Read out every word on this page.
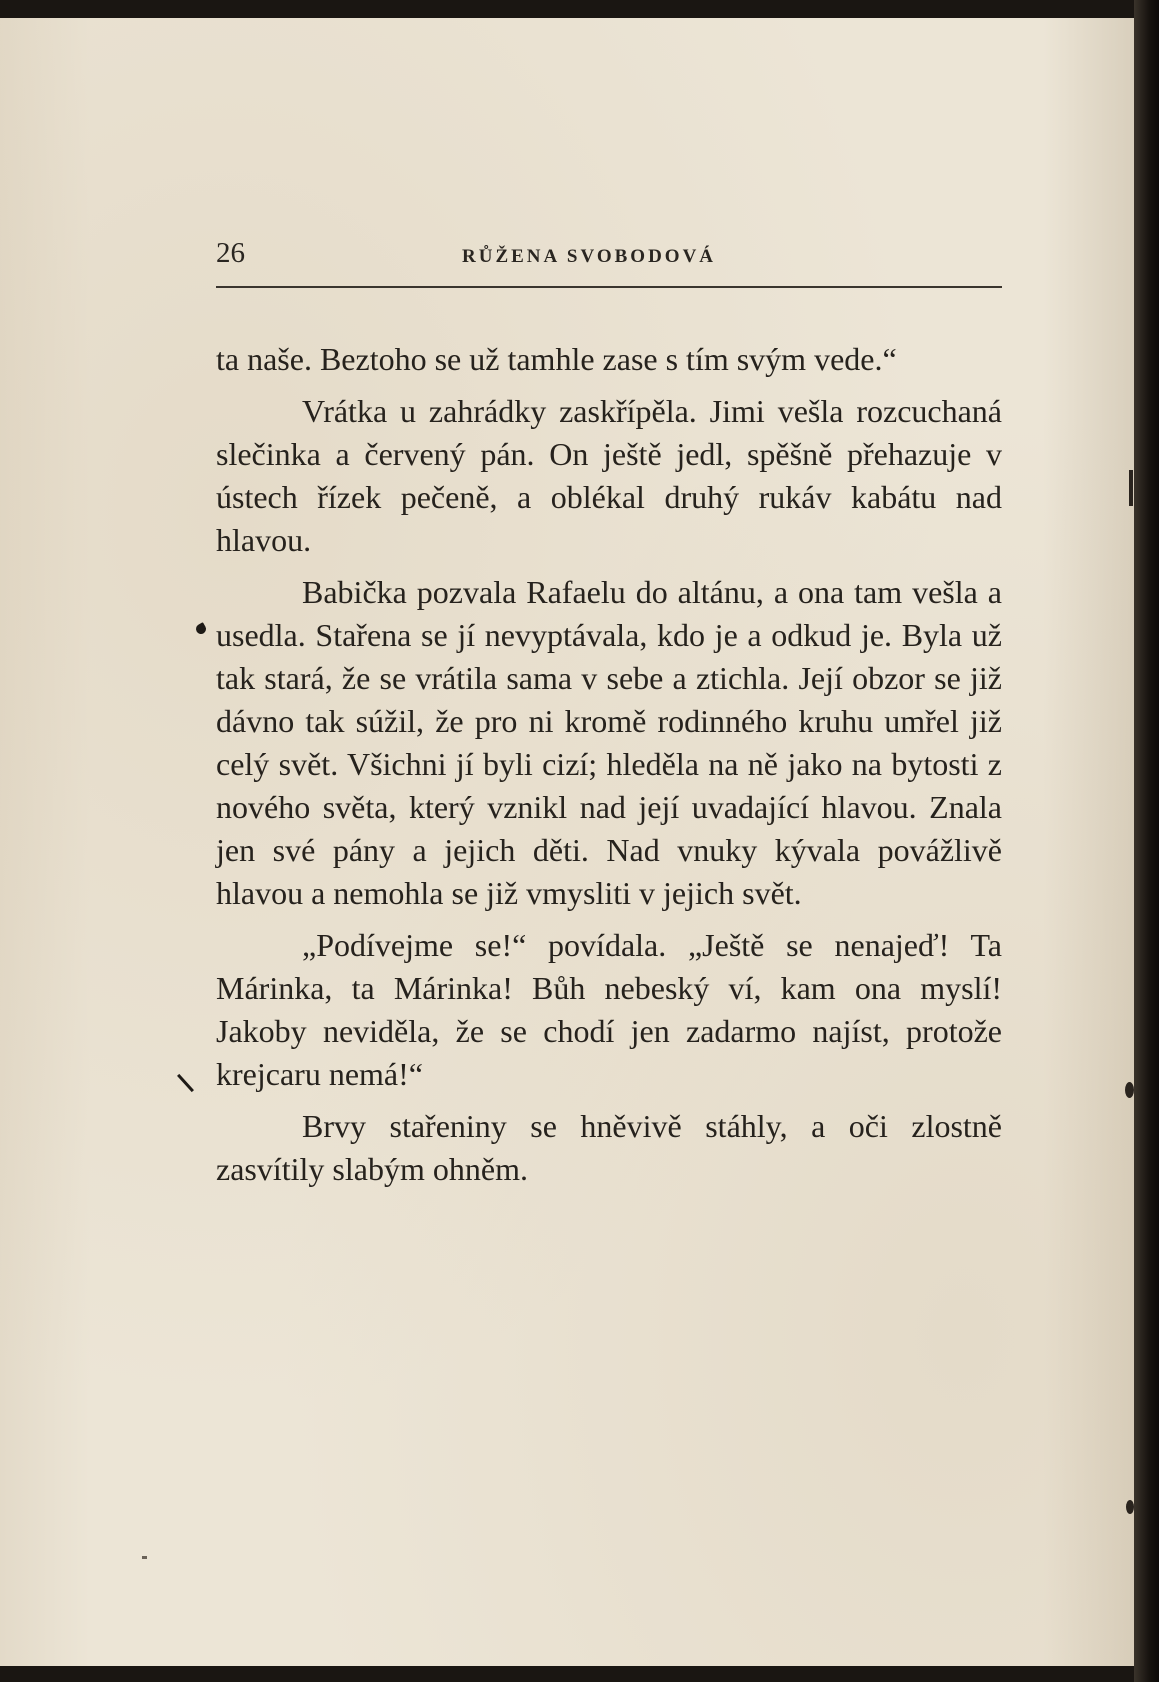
26	RŮŽENA SVOBODOVÁ

ta naše. Beztoho se už tamhle zase s tím svým vede.“

Vrátka u zahrádky zaskřípěla. Jimi vešla rozcuchaná slečinka a červený pán. On ještě jedl, spěšně přehazuje v ústech řízek pečeně, a oblékal druhý rukáv kabátu nad hlavou.

Babička pozvala Rafaelu do altánu, a ona tam vešla a usedla. Stařena se jí nevyptávala, kdo je a odkud je. Byla už tak stará, že se vrátila sama v sebe a ztichla. Její obzor se již dávno tak súžil, že pro ni kromě rodinného kruhu umřel již celý svět. Všichni jí byli cizí; hleděla na ně jako na bytosti z nového světa, který vznikl nad její uvadající hlavou. Znala jen své pány a jejich děti. Nad vnuky kývala povážlivě hlavou a nemohla se již vmysliti v jejich svět.

„Podívejme se!“ povídala. „Ještě se nenajeď! Ta Márinka, ta Márinka! Bůh nebeský ví, kam ona myslí! Jakoby neviděla, že se chodí jen zadarmo najíst, protože krejcaru nemá!“

Brvy stařeniny se hněvivě stáhly, a oči zlostně zasvítily slabým ohněm.
